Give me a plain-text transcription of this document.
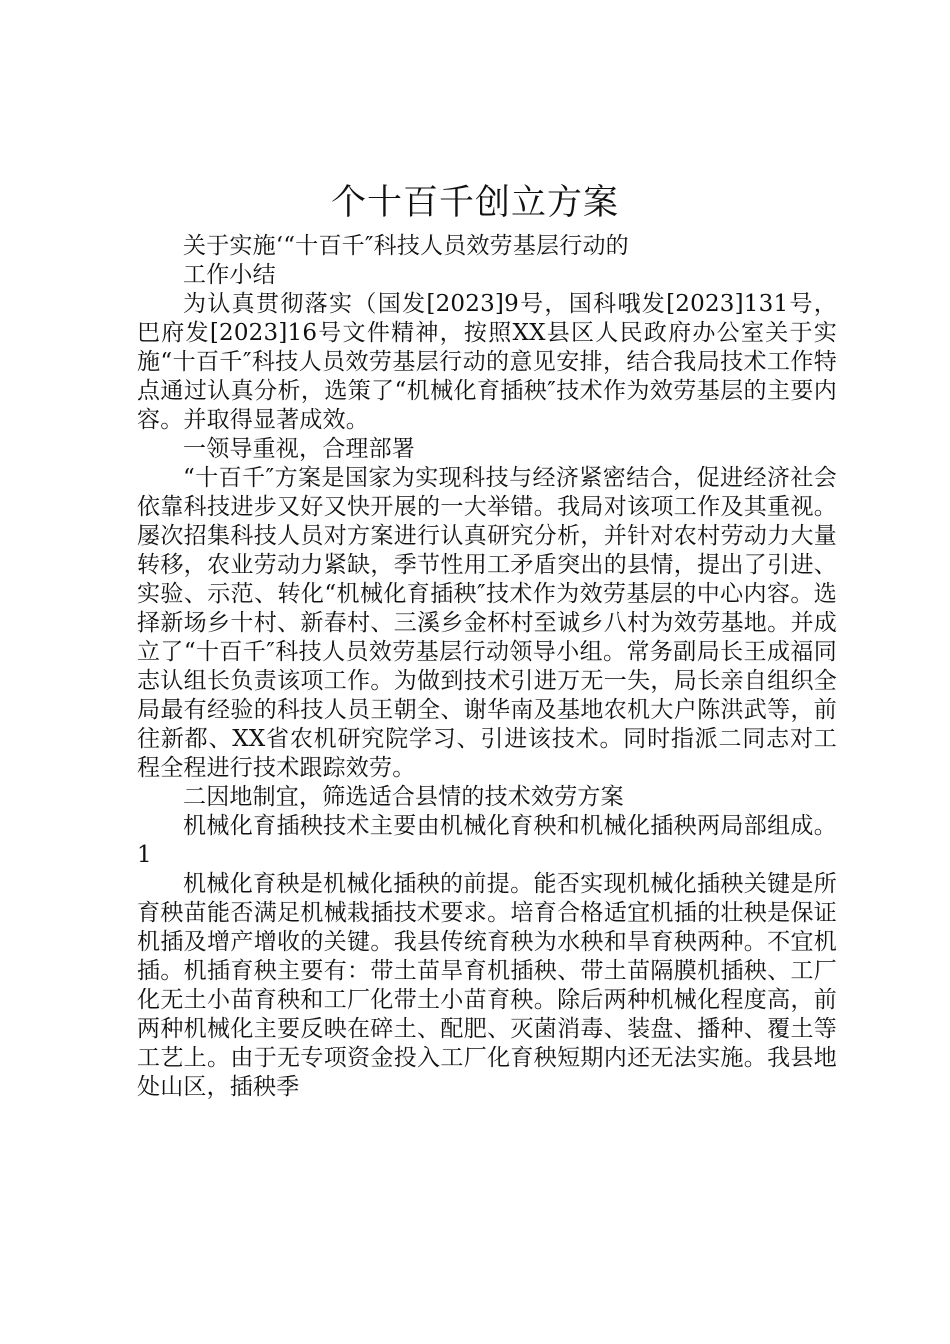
个十百千创立方案

关于实施‘“十百千″科技人员效劳基层行动的

工作小结

为认真贯彻落实（国发[2023]9号，国科哦发[2023]131号，巴府发[2023]16号文件精神，按照XX县区人民政府办公室关于实施“十百千″科技人员效劳基层行动的意见安排，结合我局技术工作特点通过认真分析，选策了“机械化育插秧″技术作为效劳基层的主要内容。并取得显著成效。

一领导重视，合理部署

“十百千″方案是国家为实现科技与经济紧密结合，促进经济社会依靠科技进步又好又快开展的一大举错。我局对该项工作及其重视。屡次招集科技人员对方案进行认真研究分析，并针对农村劳动力大量转移，农业劳动力紧缺，季节性用工矛盾突出的县情，提出了引进、实验、示范、转化“机械化育插秧″技术作为效劳基层的中心内容。选择新场乡十村、新春村、三溪乡金杯村至诚乡八村为效劳基地。并成立了“十百千″科技人员效劳基层行动领导小组。常务副局长王成福同志认组长负责该项工作。为做到技术引进万无一失，局长亲自组织全局最有经验的科技人员王朝全、谢华南及基地农机大户陈洪武等，前往新都、XX省农机研究院学习、引进该技术。同时指派二同志对工程全程进行技术跟踪效劳。

二因地制宜，筛选适合县情的技术效劳方案

机械化育插秧技术主要由机械化育秧和机械化插秧两局部组成。1

机械化育秧是机械化插秧的前提。能否实现机械化插秧关键是所育秧苗能否满足机械栽插技术要求。培育合格适宜机插的壮秧是保证机插及增产增收的关键。我县传统育秧为水秧和旱育秧两种。不宜机插。机插育秧主要有：带土苗旱育机插秧、带土苗隔膜机插秧、工厂化无土小苗育秧和工厂化带土小苗育秧。除后两种机械化程度高，前两种机械化主要反映在碎土、配肥、灭菌消毒、装盘、播种、覆土等工艺上。由于无专项资金投入工厂化育秧短期内还无法实施。我县地处山区，插秧季
